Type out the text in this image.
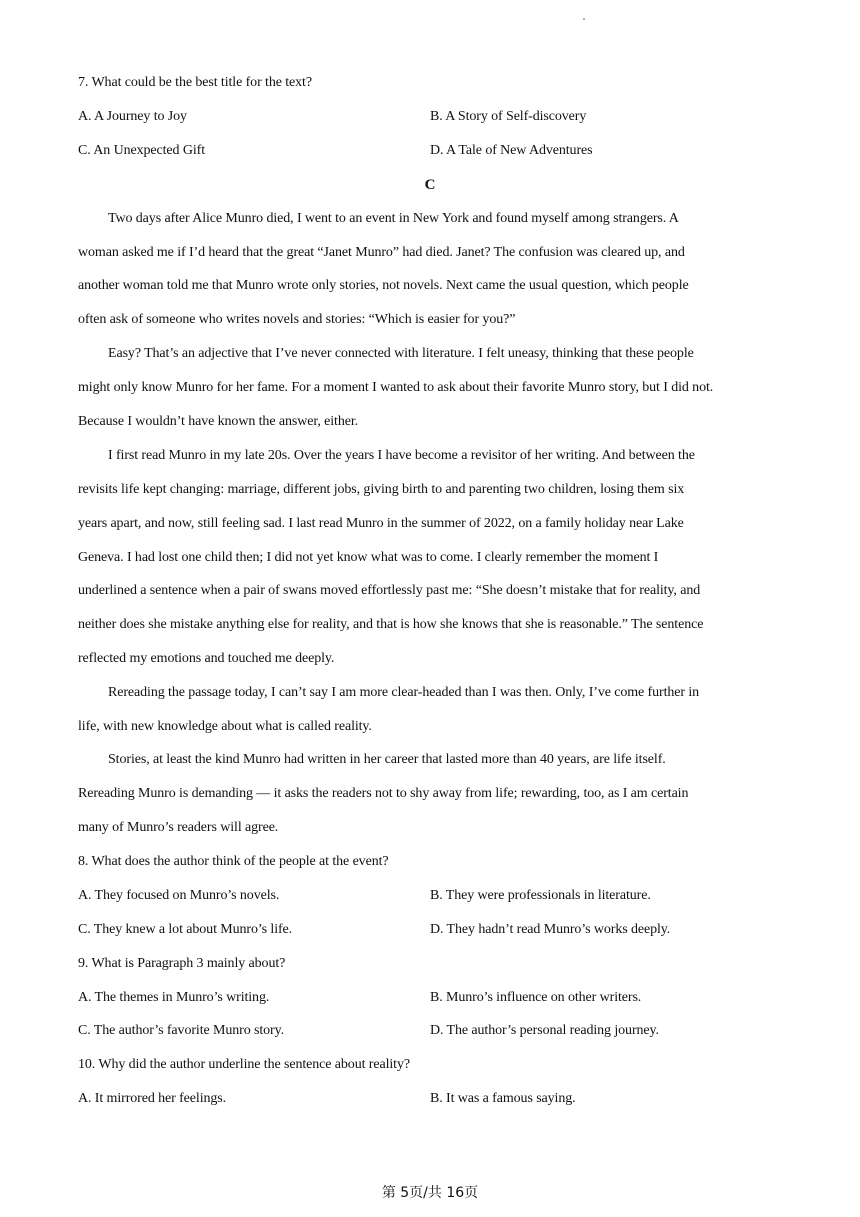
7. What could be the best title for the text?
A. A Journey to Joy	B. A Story of Self-discovery
C. An Unexpected Gift	D. A Tale of New Adventures
C
Two days after Alice Munro died, I went to an event in New York and found myself among strangers. A
woman asked me if I’d heard that the great “Janet Munro” had died. Janet? The confusion was cleared up, and
another woman told me that Munro wrote only stories, not novels. Next came the usual question, which people
often ask of someone who writes novels and stories: “Which is easier for you?”
Easy? That’s an adjective that I’ve never connected with literature. I felt uneasy, thinking that these people
might only know Munro for her fame. For a moment I wanted to ask about their favorite Munro story, but I did not.
Because I wouldn’t have known the answer, either.
I first read Munro in my late 20s. Over the years I have become a revisitor of her writing. And between the
revisits life kept changing: marriage, different jobs, giving birth to and parenting two children, losing them six
years apart, and now, still feeling sad. I last read Munro in the summer of 2022, on a family holiday near Lake
Geneva. I had lost one child then; I did not yet know what was to come. I clearly remember the moment I
underlined a sentence when a pair of swans moved effortlessly past me: “She doesn’t mistake that for reality, and
neither does she mistake anything else for reality, and that is how she knows that she is reasonable.” The sentence
reflected my emotions and touched me deeply.
Rereading the passage today, I can’t say I am more clear-headed than I was then. Only, I’ve come further in
life, with new knowledge about what is called reality.
Stories, at least the kind Munro had written in her career that lasted more than 40 years, are life itself.
Rereading Munro is demanding — it asks the readers not to shy away from life; rewarding, too, as I am certain
many of Munro’s readers will agree.
8. What does the author think of the people at the event?
A. They focused on Munro’s novels.	B. They were professionals in literature.
C. They knew a lot about Munro’s life.	D. They hadn’t read Munro’s works deeply.
9. What is Paragraph 3 mainly about?
A. The themes in Munro’s writing.	B. Munro’s influence on other writers.
C. The author’s favorite Munro story.	D. The author’s personal reading journey.
10. Why did the author underline the sentence about reality?
A. It mirrored her feelings.	B. It was a famous saying.
第 5页/共 16页
